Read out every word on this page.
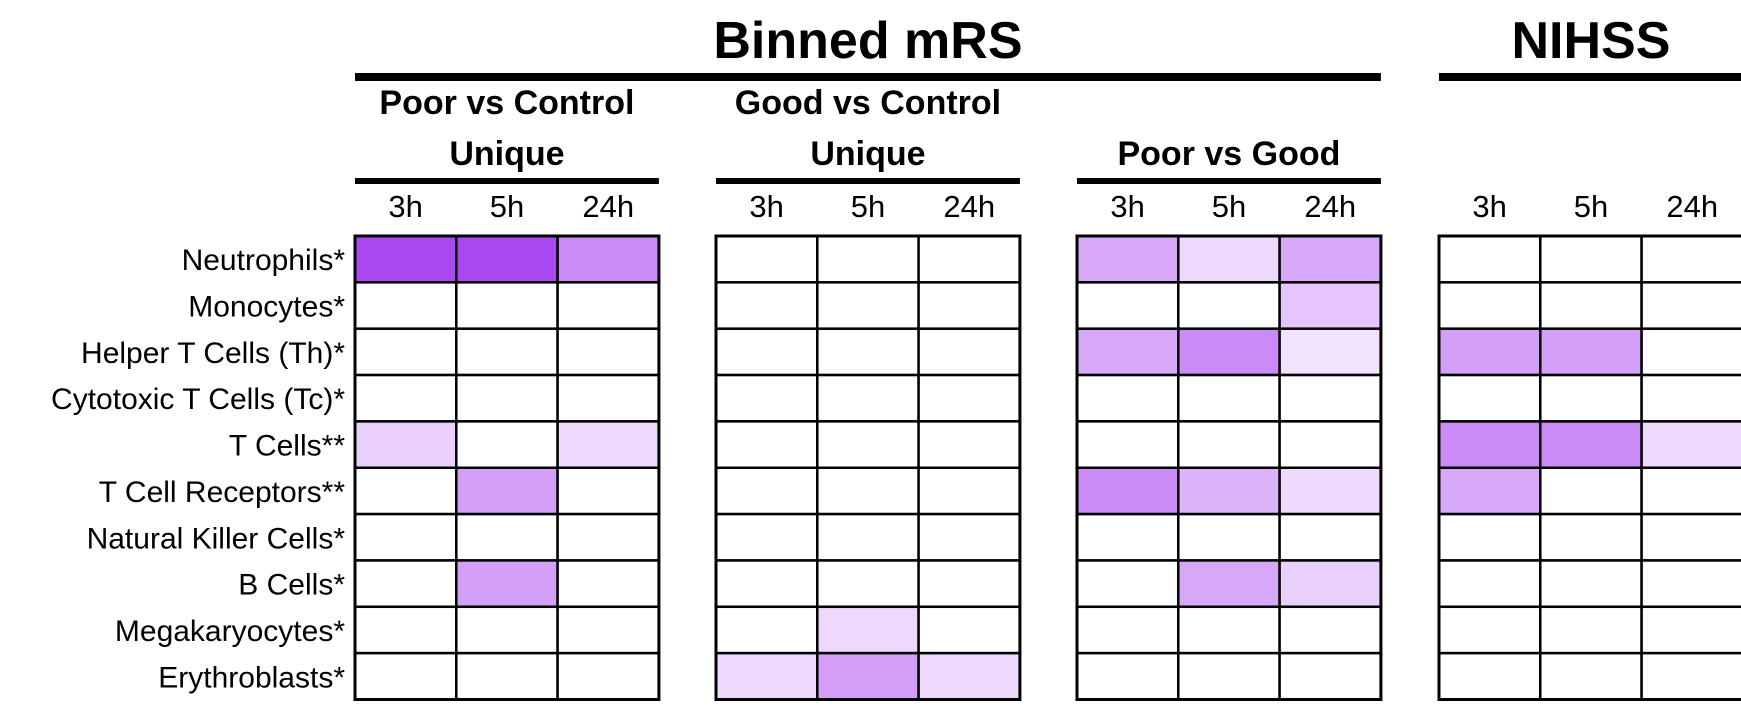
Binned mRS	NIHSS
Poor vs Control
Unique
3h 5h 24h
Good vs Control
Unique
3h 5h 24h
Poor vs Good
3h 5h 24h	3h 5h 24h
Neutrophils*
Monocytes*
Helper T Cells (Th)*
Cytotoxic T Cells (Tc)*
T Cells**
T Cell Receptors**
Natural Killer Cells*
B Cells*
Megakaryocytes*
Erythroblasts*
